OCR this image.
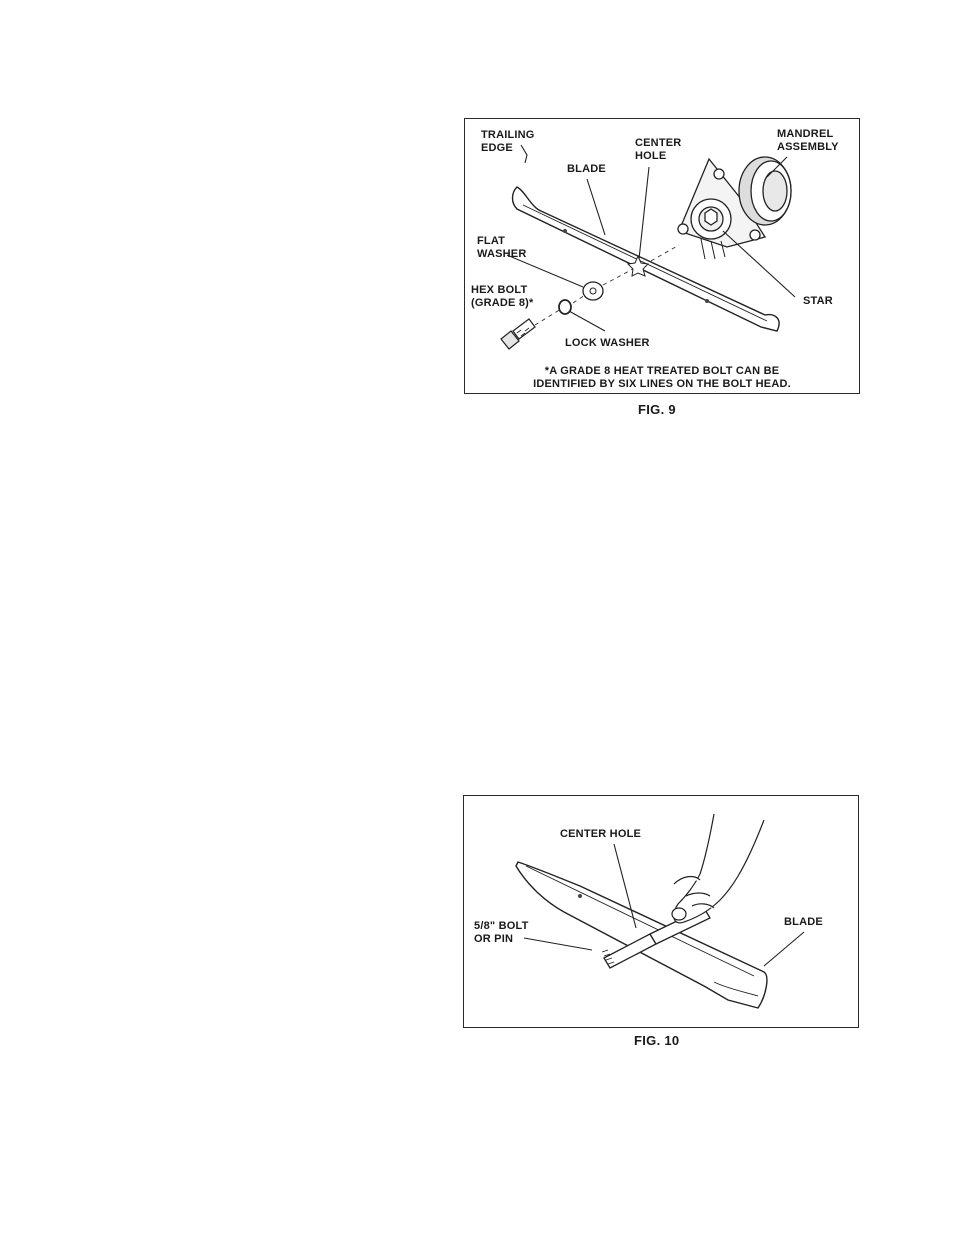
TRAILING
EDGE
BLADE
CENTER
HOLE
MANDREL
ASSEMBLY
FLAT
WASHER
HEX BOLT
(GRADE 8)*	STAR
LOCK WASHER
*A GRADE 8 HEAT TREATED BOLT CAN BE
IDENTIFIED BY SIX LINES ON THE BOLT HEAD.
FIG. 9
CENTER HOLE
5/8" BOLT
OR PIN
BLADE
FIG. 10
